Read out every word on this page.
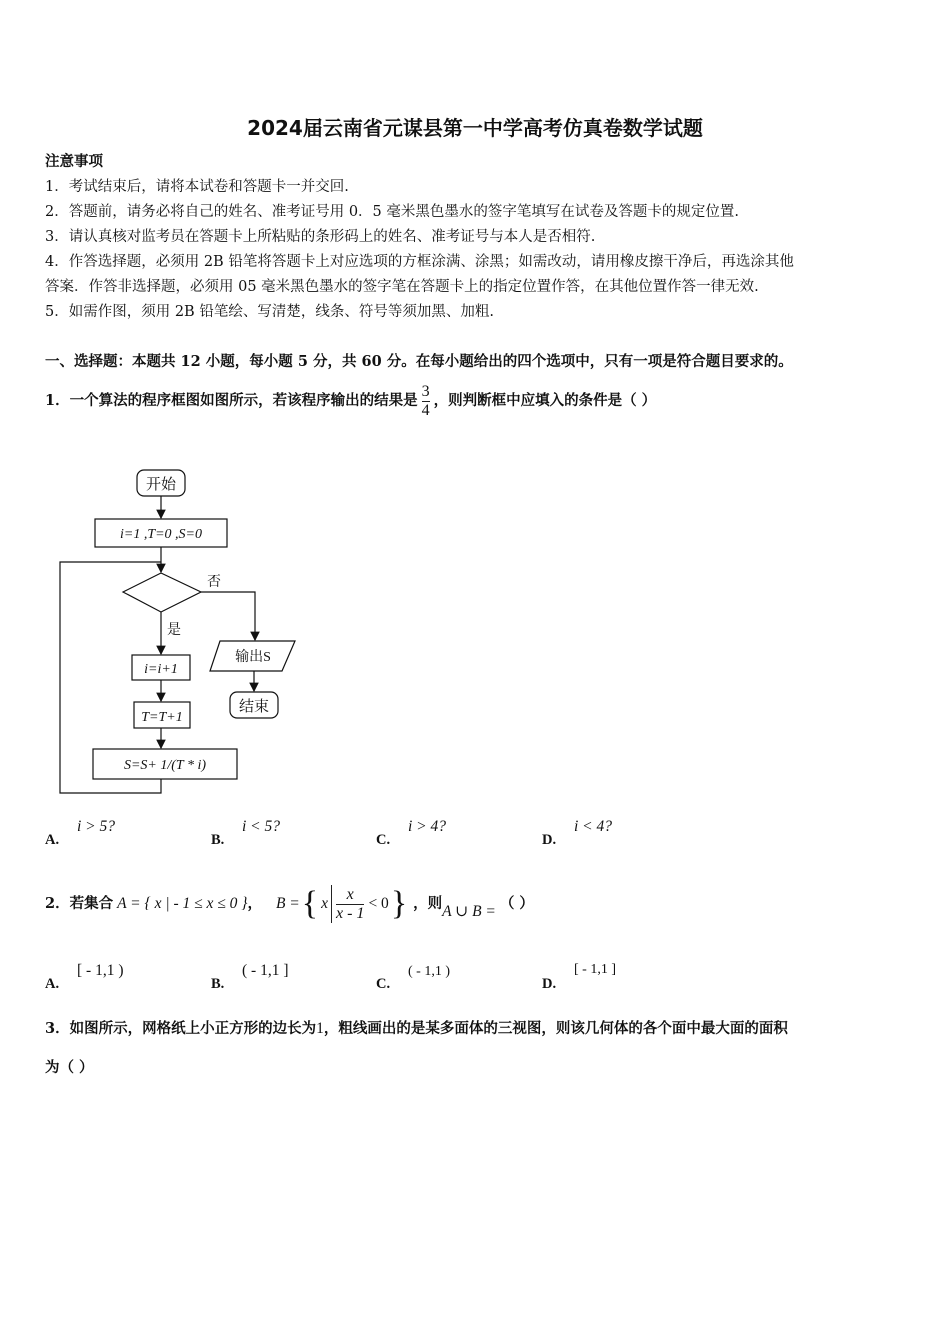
2024届云南省元谋县第一中学高考仿真卷数学试题
注意事项
1．考试结束后，请将本试卷和答题卡一并交回.
2．答题前，请务必将自己的姓名、准考证号用 0．5 毫米黑色墨水的签字笔填写在试卷及答题卡的规定位置.
3．请认真核对监考员在答题卡上所粘贴的条形码上的姓名、准考证号与本人是否相符.
4．作答选择题，必须用 2B 铅笔将答题卡上对应选项的方框涂满、涂黑；如需改动，请用橡皮擦干净后，再选涂其他
答案．作答非选择题，必须用 05 毫米黑色墨水的签字笔在答题卡上的指定位置作答，在其他位置作答一律无效.
5．如需作图，须用 2B 铅笔绘、写清楚，线条、符号等须加黑、加粗.
一、选择题：本题共 12 小题，每小题 5 分，共 60 分。在每小题给出的四个选项中，只有一项是符合题目要求的。
1．一个算法的程序框图如图所示，若该程序输出的结果是 $\frac{3}{4}$ ，则判断框中应填入的条件是（ ）
开始
i=1 ,T=0 ,S=0
否
是
i=i+1
T=T+1
S=S+ 1/(T * i)
输出S
结束
A.
i > 5?
B.
i < 5?
C.
i > 4?
D.
i < 4?
2．若集合 A = { x | - 1 ≤ x ≤ 0 } ， B = { x $\frac{x}{x - 1} < 0$ } ，则 A ∪ B = （ ）
A.
[ - 1,1 )
B.
( - 1,1 ]
C.
( - 1,1 )
D.
[ - 1,1 ]
3．如图所示，网格纸上小正方形的边长为1，粗线画出的是某多面体的三视图，则该几何体的各个面中最大面的面积
为（ ）
